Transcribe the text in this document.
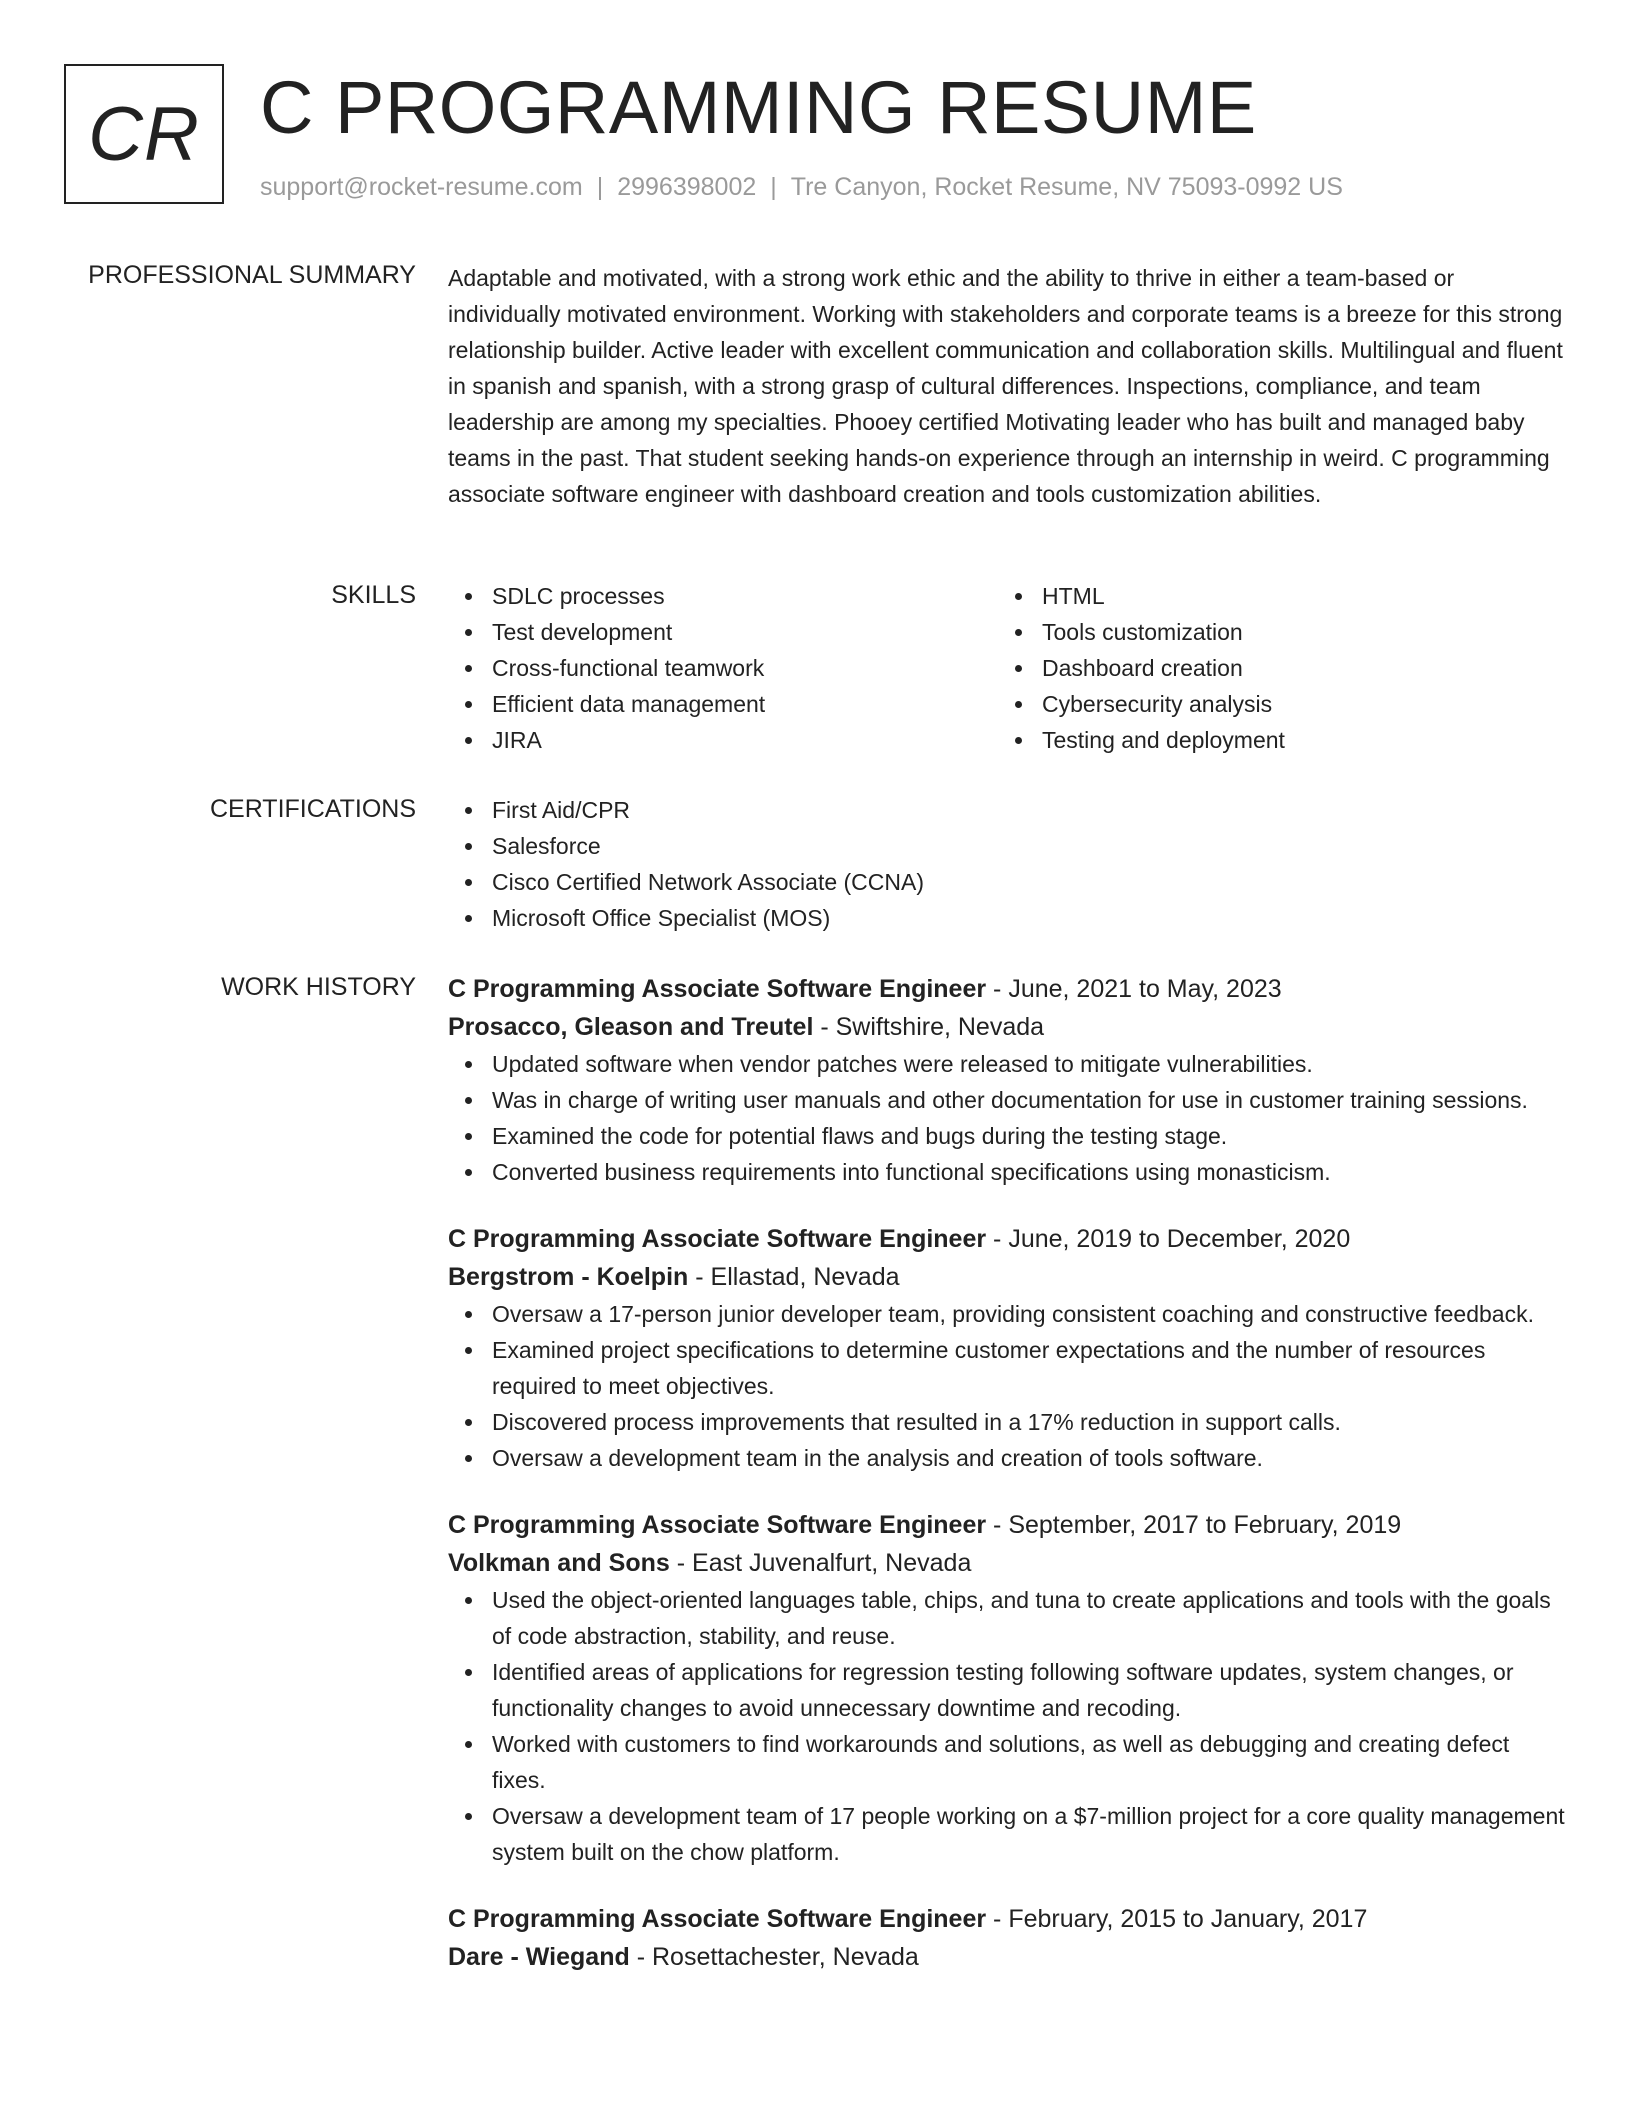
CR C PROGRAMMING RESUME
support@rocket-resume.com | 2996398002 | Tre Canyon, Rocket Resume, NV 75093-0992 US
PROFESSIONAL SUMMARY Adaptable and motivated, with a strong work ethic and the ability to thrive in either a team-based or individually motivated environment. Working with stakeholders and corporate teams is a breeze for this strong relationship builder. Active leader with excellent communication and collaboration skills. Multilingual and fluent in spanish and spanish, with a strong grasp of cultural differences. Inspections, compliance, and team leadership are among my specialties. Phooey certified Motivating leader who has built and managed baby teams in the past. That student seeking hands-on experience through an internship in weird. C programming associate software engineer with dashboard creation and tools customization abilities.

SKILLS	SDLC processes
Test development
Cross-functional teamwork
Efficient data management
JIRA
HTML
Tools customization
Dashboard creation
Cybersecurity analysis
Testing and deployment
CERTIFICATIONS	First Aid/CPR
Salesforce
Cisco Certified Network Associate (CCNA)
Microsoft Office Specialist (MOS)
WORK HISTORY C Programming Associate Software Engineer - June, 2021 to May, 2023
Prosacco, Gleason and Treutel - Swiftshire, Nevada
Updated software when vendor patches were released to mitigate vulnerabilities.
Was in charge of writing user manuals and other documentation for use in customer training sessions.
Examined the code for potential flaws and bugs during the testing stage.
Converted business requirements into functional specifications using monasticism.
C Programming Associate Software Engineer - June, 2019 to December, 2020
Bergstrom - Koelpin - Ellastad, Nevada
Oversaw a 17-person junior developer team, providing consistent coaching and constructive feedback.
Examined project specifications to determine customer expectations and the number of resources required to meet objectives.
Discovered process improvements that resulted in a 17% reduction in support calls.
Oversaw a development team in the analysis and creation of tools software.
C Programming Associate Software Engineer - September, 2017 to February, 2019
Volkman and Sons - East Juvenalfurt, Nevada
Used the object-oriented languages table, chips, and tuna to create applications and tools with the goals of code abstraction, stability, and reuse.
Identified areas of applications for regression testing following software updates, system changes, or functionality changes to avoid unnecessary downtime and recoding.
Worked with customers to find workarounds and solutions, as well as debugging and creating defect fixes.
Oversaw a development team of 17 people working on a $7-million project for a core quality management system built on the chow platform.
C Programming Associate Software Engineer - February, 2015 to January, 2017
Dare - Wiegand - Rosettachester, Nevada
